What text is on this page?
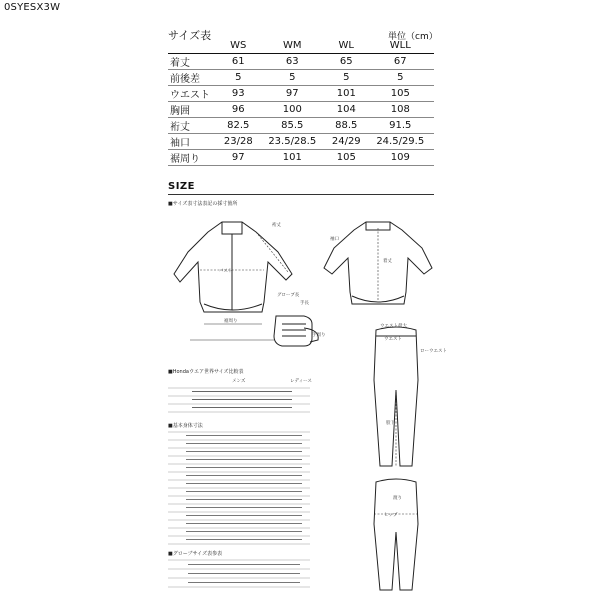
0SYESX3W
サイズ表	単位（cm）
	WS	WM	WL	WLL
着丈	61	63	65	67
前後差	5	5	5	5
ウエスト	93	97	101	105
胸囲	96	100	104	108
裄丈	82.5	85.5	88.5	91.5
袖口	23/28	23.5/28.5	24/29	24.5/29.5
裾周り	97	101	105	109
SIZE
■サイズ表寸法表記の採寸箇所
バスト
裄丈
裾周り
着丈
袖口
グローブ長
手長
手周り
ウエスト最大
ウエスト
ローウエスト
股下
渡り
ヒップ
■Hondaウエア世界サイズ比較表
メンズ	レディース
■基本身体寸法
■グローブサイズ表参表
